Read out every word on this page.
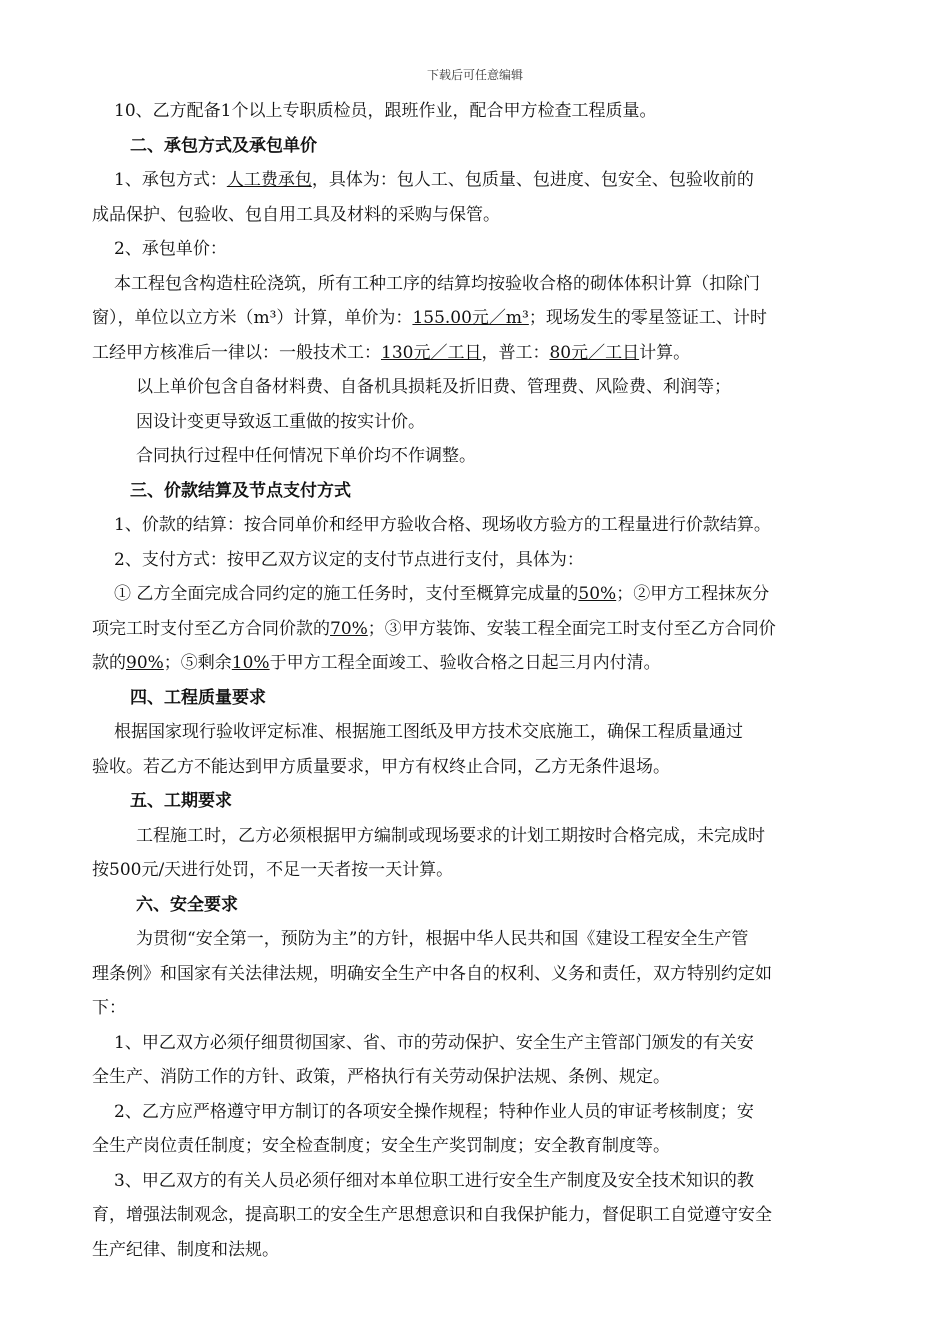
下载后可任意编辑
10、乙方配备1个以上专职质检员，跟班作业，配合甲方检查工程质量。
二、承包方式及承包单价
1、承包方式：人工费承包，具体为：包人工、包质量、包进度、包安全、包验收前的
成品保护、包验收、包自用工具及材料的采购与保管。
2、承包单价：
本工程包含构造柱砼浇筑，所有工种工序的结算均按验收合格的砌体体积计算（扣除门
窗），单位以立方米（m³）计算，单价为：155.00元／m³；现场发生的零星签证工、计时
工经甲方核准后一律以：一般技术工：130元／工日，普工：80元／工日计算。
以上单价包含自备材料费、自备机具损耗及折旧费、管理费、风险费、利润等；
因设计变更导致返工重做的按实计价。
合同执行过程中任何情况下单价均不作调整。
三、价款结算及节点支付方式
1、价款的结算：按合同单价和经甲方验收合格、现场收方验方的工程量进行价款结算。
2、支付方式：按甲乙双方议定的支付节点进行支付，具体为：
① 乙方全面完成合同约定的施工任务时，支付至概算完成量的50%；②甲方工程抹灰分
项完工时支付至乙方合同价款的70%；③甲方装饰、安装工程全面完工时支付至乙方合同价
款的90%；⑤剩余10%于甲方工程全面竣工、验收合格之日起三月内付清。
四、工程质量要求
根据国家现行验收评定标准、根据施工图纸及甲方技术交底施工，确保工程质量通过
验收。若乙方不能达到甲方质量要求，甲方有权终止合同，乙方无条件退场。
五、工期要求
工程施工时，乙方必须根据甲方编制或现场要求的计划工期按时合格完成，未完成时
按500元/天进行处罚，不足一天者按一天计算。
六、安全要求
为贯彻“安全第一，预防为主”的方针，根据中华人民共和国《建设工程安全生产管
理条例》和国家有关法律法规，明确安全生产中各自的权利、义务和责任，双方特别约定如
下：
1、甲乙双方必须仔细贯彻国家、省、市的劳动保护、安全生产主管部门颁发的有关安
全生产、消防工作的方针、政策，严格执行有关劳动保护法规、条例、规定。
2、乙方应严格遵守甲方制订的各项安全操作规程；特种作业人员的审证考核制度；安
全生产岗位责任制度；安全检查制度；安全生产奖罚制度；安全教育制度等。
3、甲乙双方的有关人员必须仔细对本单位职工进行安全生产制度及安全技术知识的教
育，增强法制观念，提高职工的安全生产思想意识和自我保护能力，督促职工自觉遵守安全
生产纪律、制度和法规。
